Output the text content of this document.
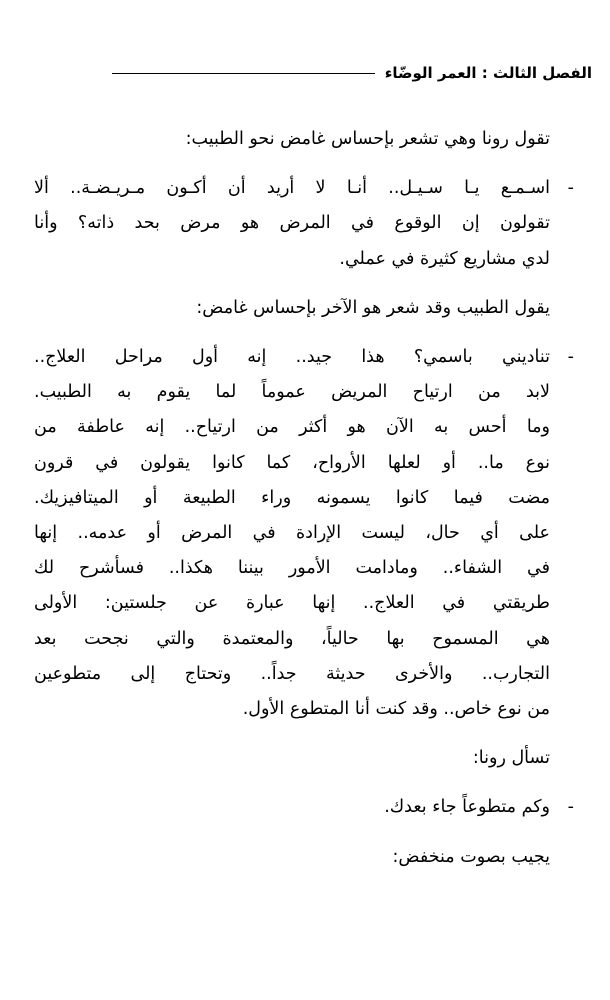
الفصل الثالث : العمر الوضّاء
تقول رونا وهي تشعر بإحساس غامض نحو الطبيب:
-
اسـمـع يـا سـيـل.. أنـا لا أريد أن أكـون مـريـضـة.. ألا
تقولون إن الوقوع في المرض هو مرض بحد ذاته؟ وأنا
لدي مشاريع كثيرة في عملي.
يقول الطبيب وقد شعر هو الآخر بإحساس غامض:
-
تناديني باسمي؟ هذا جيد.. إنه أول مراحل العلاج..
لابد من ارتياح المريض عموماً لما يقوم به الطبيب.
وما أحس به الآن هو أكثر من ارتياح.. إنه عاطفة من
نوع ما.. أو لعلها الأرواح، كما كانوا يقولون في قرون
مضت فيما كانوا يسمونه وراء الطبيعة أو الميتافيزيك.
على أي حال، ليست الإرادة في المرض أو عدمه.. إنها
في الشفاء.. ومادامت الأمور بيننا هكذا.. فسأشرح لك
طريقتي في العلاج.. إنها عبارة عن جلستين: الأولى
هي المسموح بها حالياً، والمعتمدة والتي نجحت بعد
التجارب.. والأخرى حديثة جداً.. وتحتاج إلى متطوعين
من نوع خاص.. وقد كنت أنا المتطوع الأول.
تسأل رونا:
-
وكم متطوعاً جاء بعدك.
يجيب بصوت منخفض:
